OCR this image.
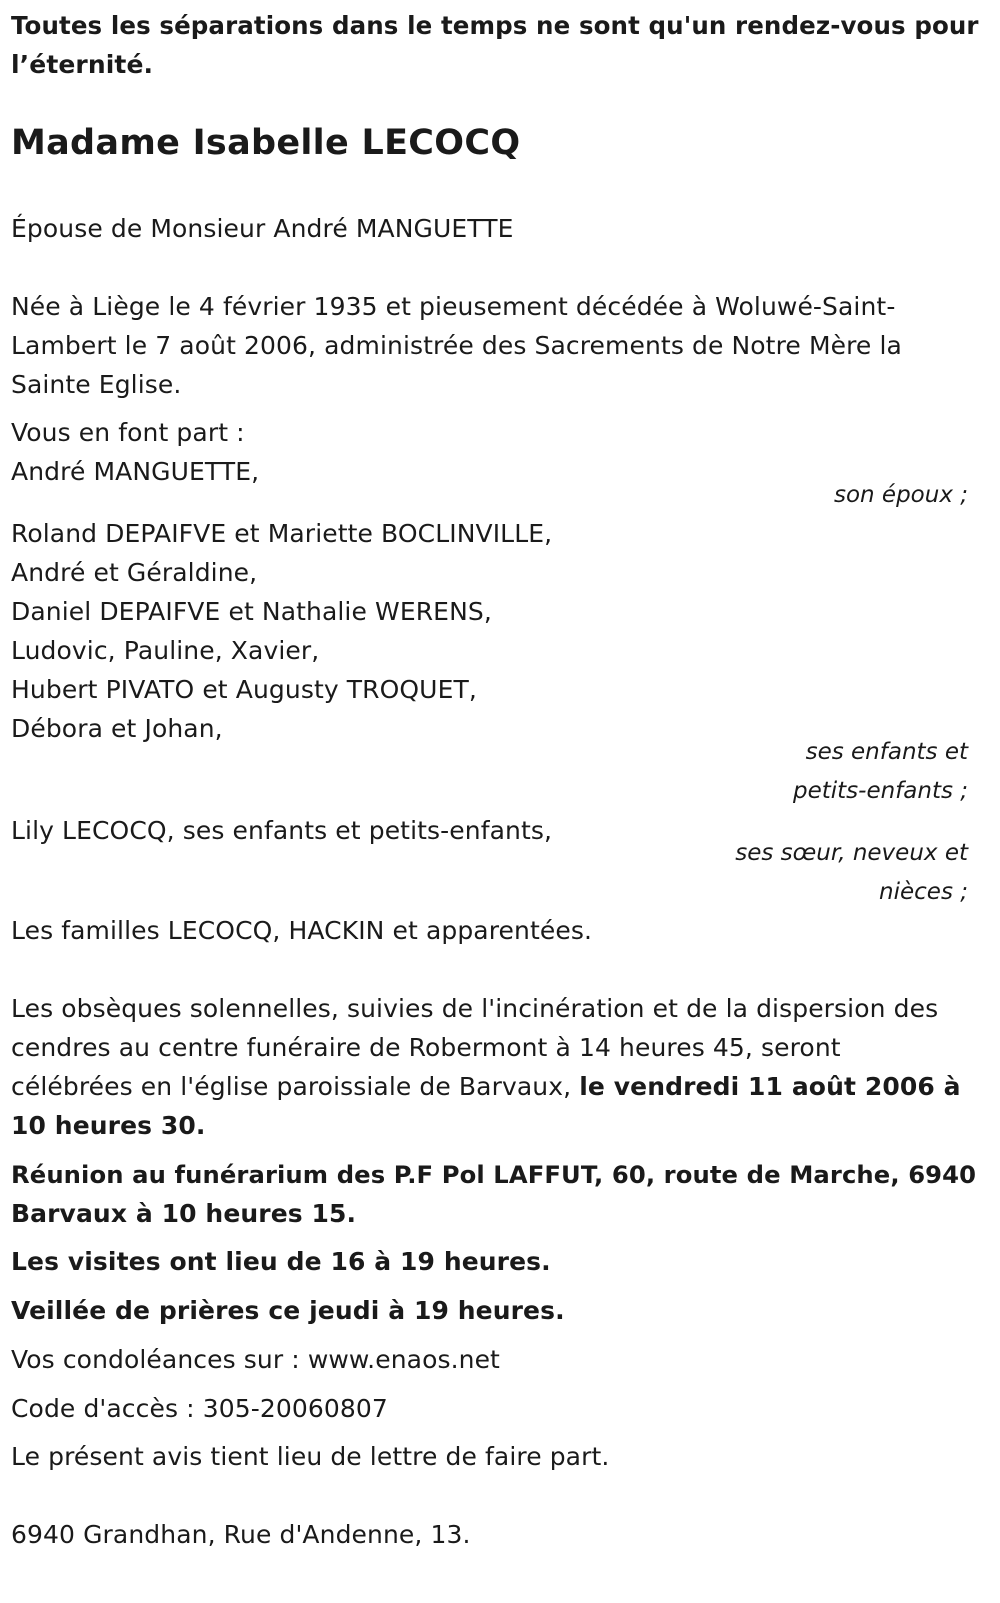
Toutes les séparations dans le temps ne sont qu'un rendez-vous pour
l’éternité.
Madame Isabelle LECOCQ
Épouse de Monsieur André MANGUETTE
Née à Liège le 4 février 1935 et pieusement décédée à Woluwé-Saint-
Lambert le 7 août 2006, administrée des Sacrements de Notre Mère la
Sainte Eglise.
Vous en font part :
André MANGUETTE,
son époux ;
Roland DEPAIFVE et Mariette BOCLINVILLE,
André et Géraldine,
Daniel DEPAIFVE et Nathalie WERENS,
Ludovic, Pauline, Xavier,
Hubert PIVATO et Augusty TROQUET,
Débora et Johan,
ses enfants et
petits-enfants ;
Lily LECOCQ, ses enfants et petits-enfants,
ses sœur, neveux et
nièces ;
Les familles LECOCQ, HACKIN et apparentées.
Les obsèques solennelles, suivies de l'incinération et de la dispersion des
cendres au centre funéraire de Robermont à 14 heures 45, seront
célébrées en l'église paroissiale de Barvaux, le vendredi 11 août 2006 à
10 heures 30.
Réunion au funérarium des P.F Pol LAFFUT, 60, route de Marche, 6940
Barvaux à 10 heures 15.
Les visites ont lieu de 16 à 19 heures.
Veillée de prières ce jeudi à 19 heures.
Vos condoléances sur : www.enaos.net
Code d'accès : 305-20060807
Le présent avis tient lieu de lettre de faire part.
6940 Grandhan, Rue d'Andenne, 13.
